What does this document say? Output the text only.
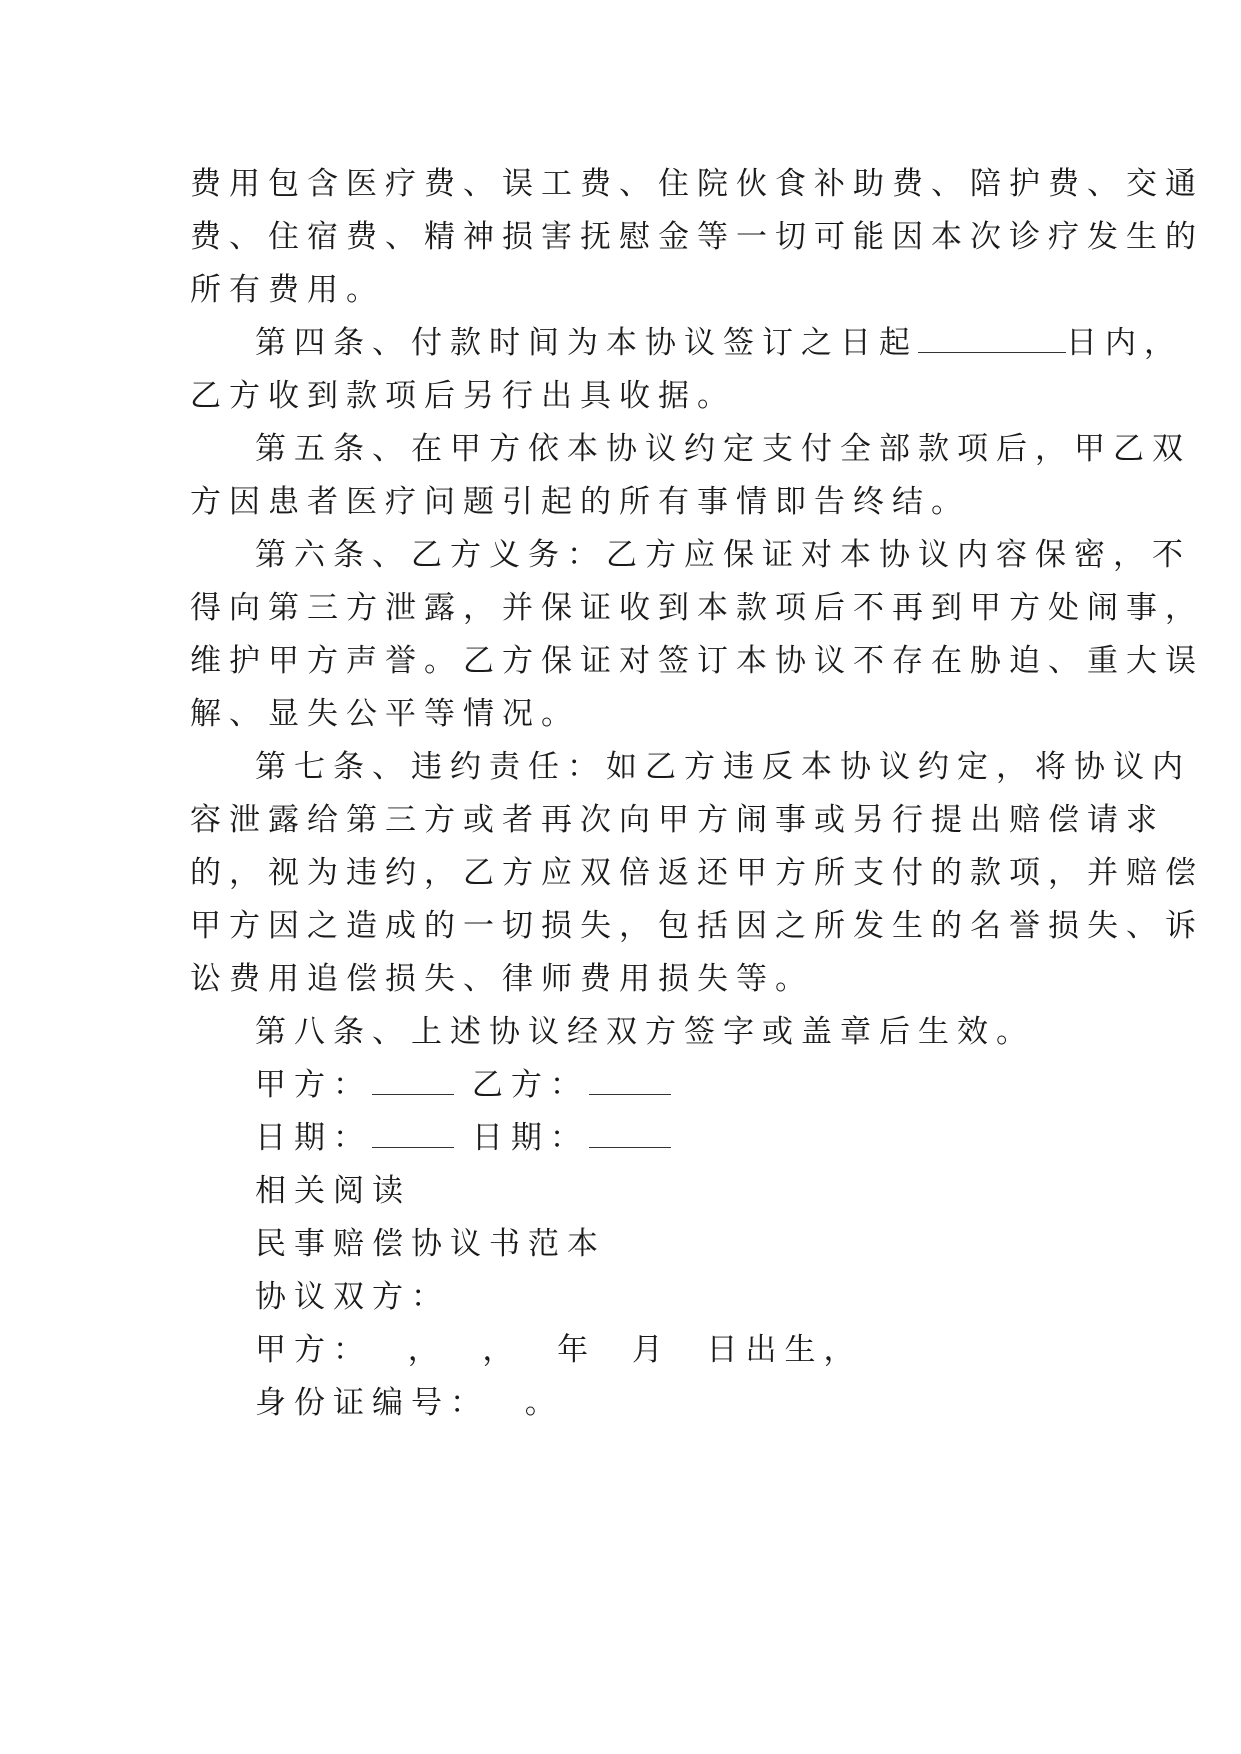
费用包含医疗费、误工费、住院伙食补助费、陪护费、交通
费、住宿费、精神损害抚慰金等一切可能因本次诊疗发生的
所有费用。
第四条、付款时间为本协议签订之日起	日内，
乙方收到款项后另行出具收据。
第五条、在甲方依本协议约定支付全部款项后，甲乙双
方因患者医疗问题引起的所有事情即告终结。
第六条、乙方义务：乙方应保证对本协议内容保密，不
得向第三方泄露，并保证收到本款项后不再到甲方处闹事，
维护甲方声誉。乙方保证对签订本协议不存在胁迫、重大误
解、显失公平等情况。
第七条、违约责任：如乙方违反本协议约定，将协议内
容泄露给第三方或者再次向甲方闹事或另行提出赔偿请求
的，视为违约，乙方应双倍返还甲方所支付的款项，并赔偿
甲方因之造成的一切损失，包括因之所发生的名誉损失、诉
讼费用追偿损失、律师费用损失等。
第八条、上述协议经双方签字或盖章后生效。
甲方：	乙方：
日期：	日期：
相关阅读
民事赔偿协议书范本
协议双方：
甲方：  ，  ，  年  月  日出生，
身份证编号：  。
